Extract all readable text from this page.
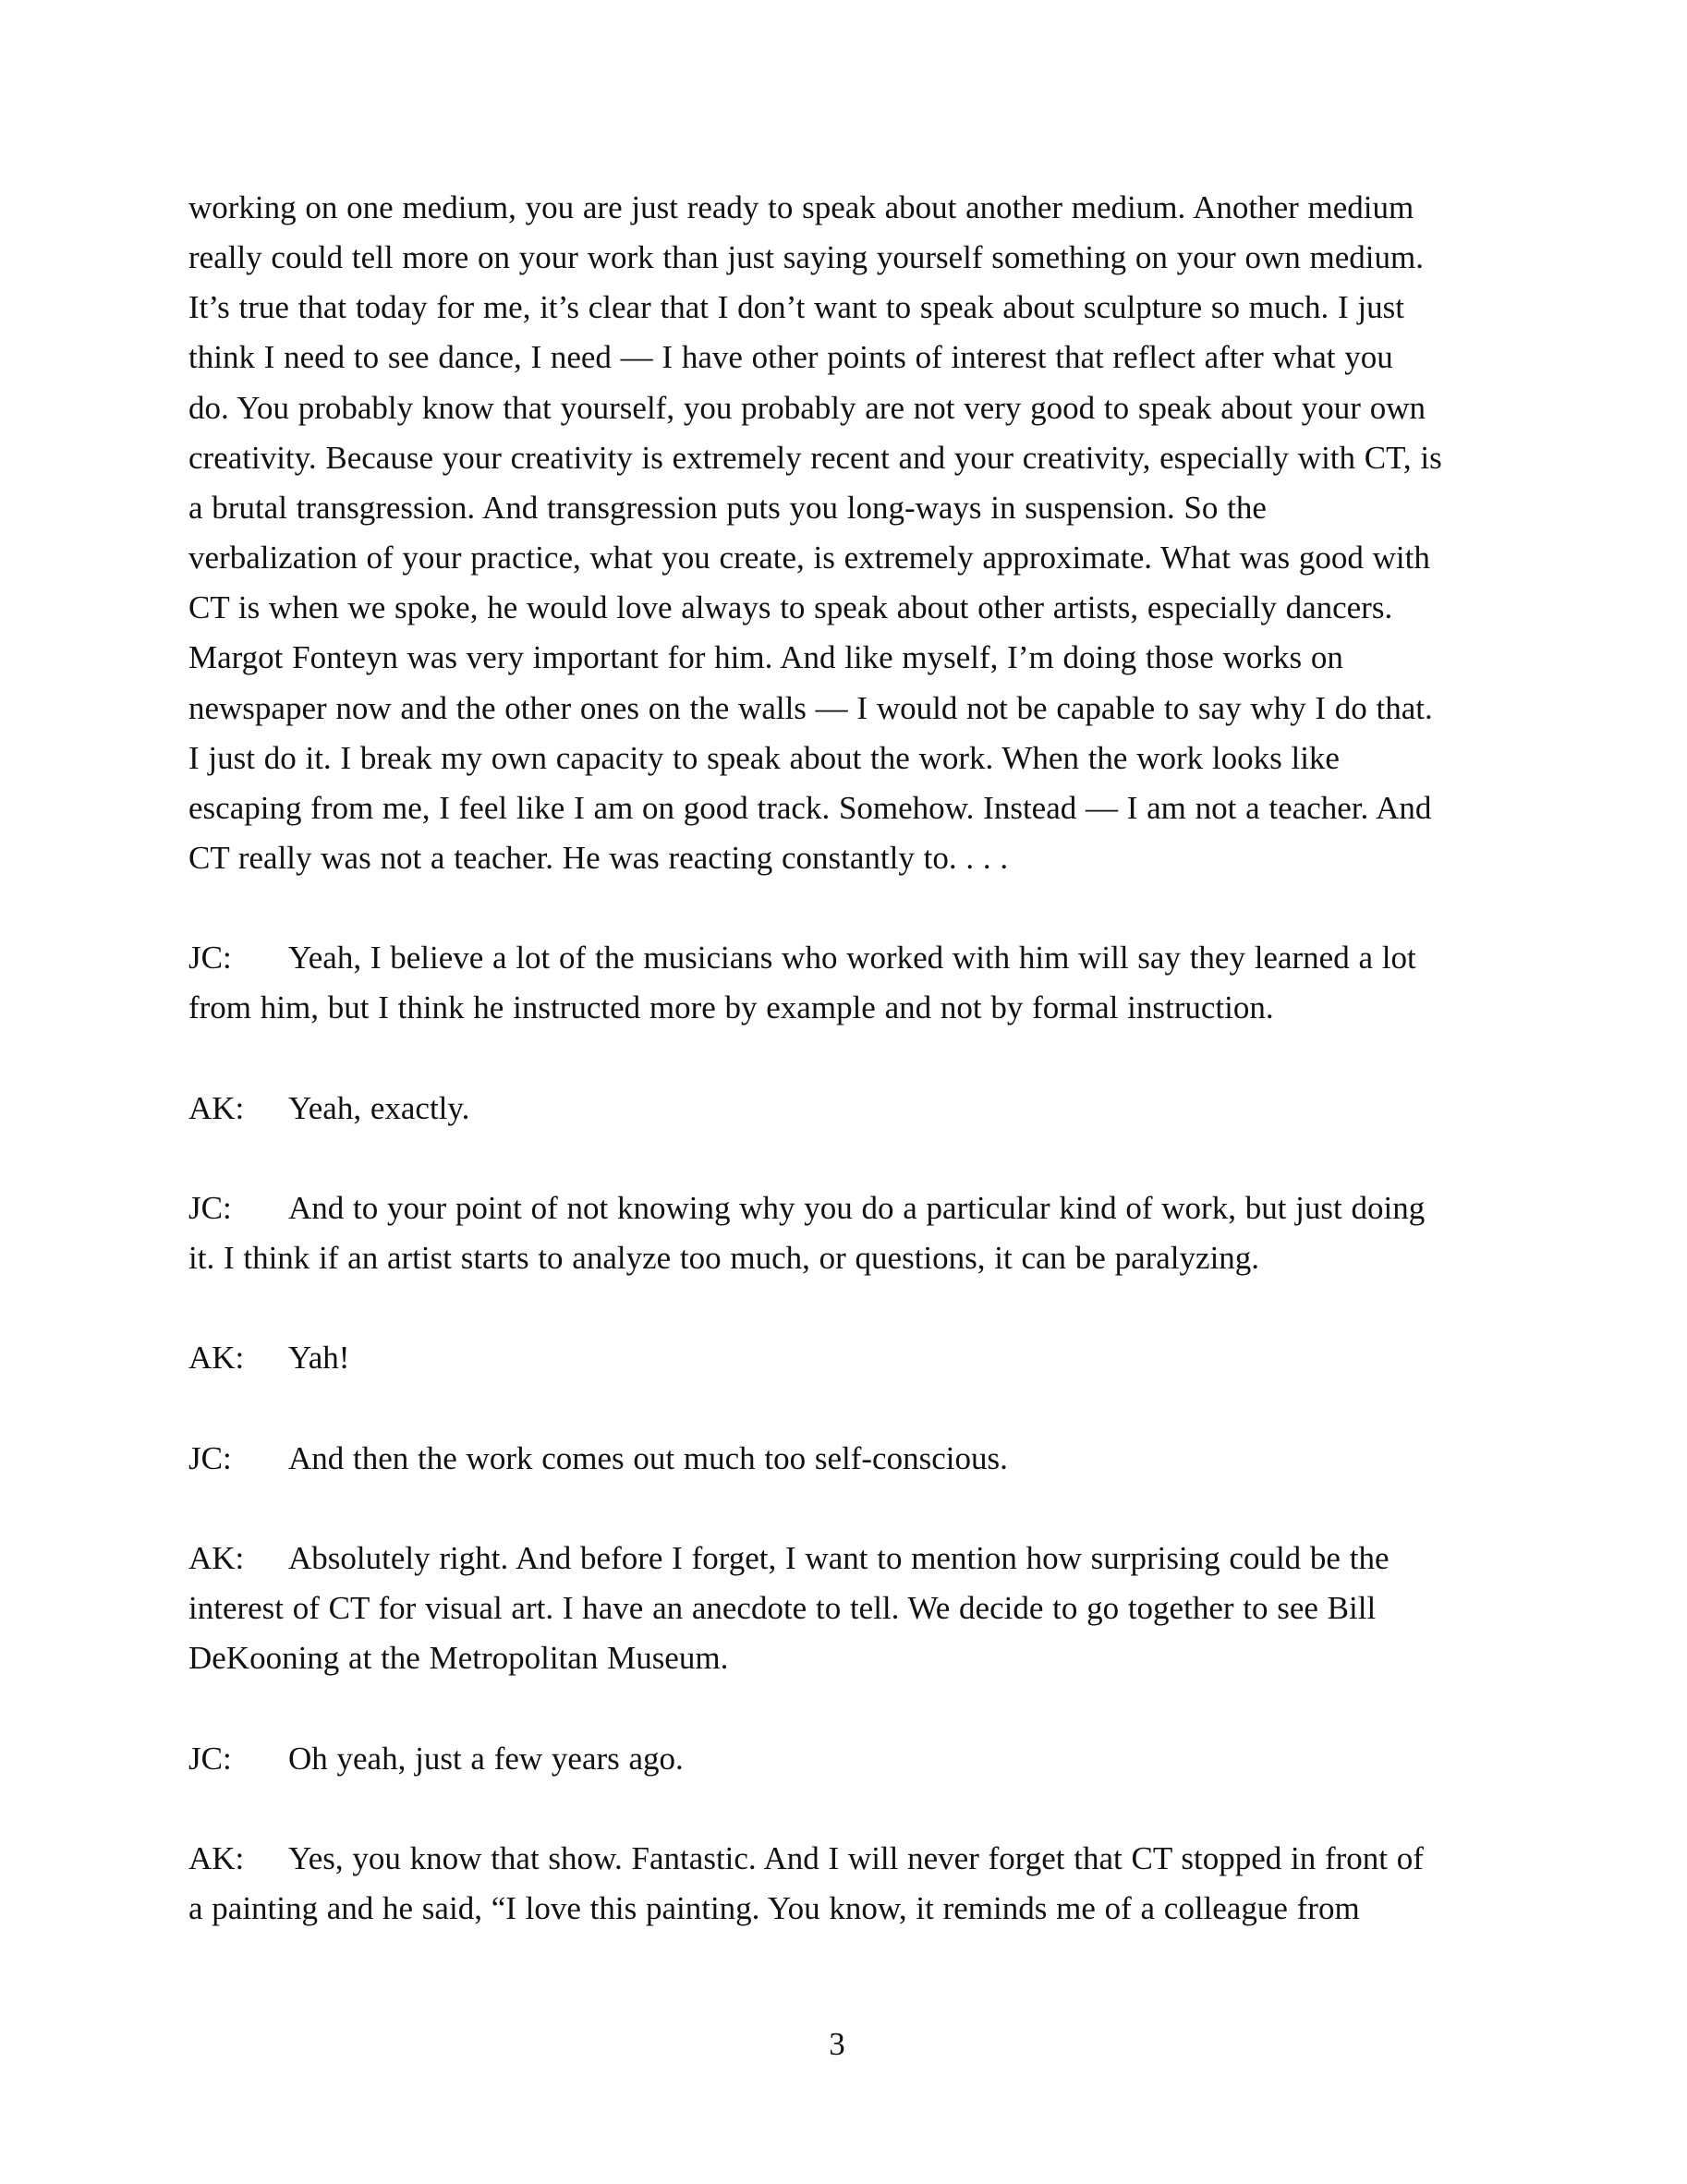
working on one medium, you are just ready to speak about another medium. Another medium
really could tell more on your work than just saying yourself something on your own medium.
It’s true that today for me, it’s clear that I don’t want to speak about sculpture so much. I just
think I need to see dance, I need — I have other points of interest that reflect after what you
do. You probably know that yourself, you probably are not very good to speak about your own
creativity. Because your creativity is extremely recent and your creativity, especially with CT, is
a brutal transgression. And transgression puts you long-ways in suspension. So the
verbalization of your practice, what you create, is extremely approximate. What was good with
CT is when we spoke, he would love always to speak about other artists, especially dancers.
Margot Fonteyn was very important for him. And like myself, I’m doing those works on
newspaper now and the other ones on the walls — I would not be capable to say why I do that.
I just do it. I break my own capacity to speak about the work. When the work looks like
escaping from me, I feel like I am on good track. Somehow. Instead — I am not a teacher. And
CT really was not a teacher. He was reacting constantly to. . . .
JC: Yeah, I believe a lot of the musicians who worked with him will say they learned a lot
from him, but I think he instructed more by example and not by formal instruction.
AK: Yeah, exactly.
JC: And to your point of not knowing why you do a particular kind of work, but just doing
it. I think if an artist starts to analyze too much, or questions, it can be paralyzing.
AK: Yah!
JC: And then the work comes out much too self-conscious.
AK: Absolutely right. And before I forget, I want to mention how surprising could be the
interest of CT for visual art. I have an anecdote to tell. We decide to go together to see Bill
DeKooning at the Metropolitan Museum.
JC: Oh yeah, just a few years ago.
AK: Yes, you know that show. Fantastic. And I will never forget that CT stopped in front of
a painting and he said, “I love this painting. You know, it reminds me of a colleague from
3
